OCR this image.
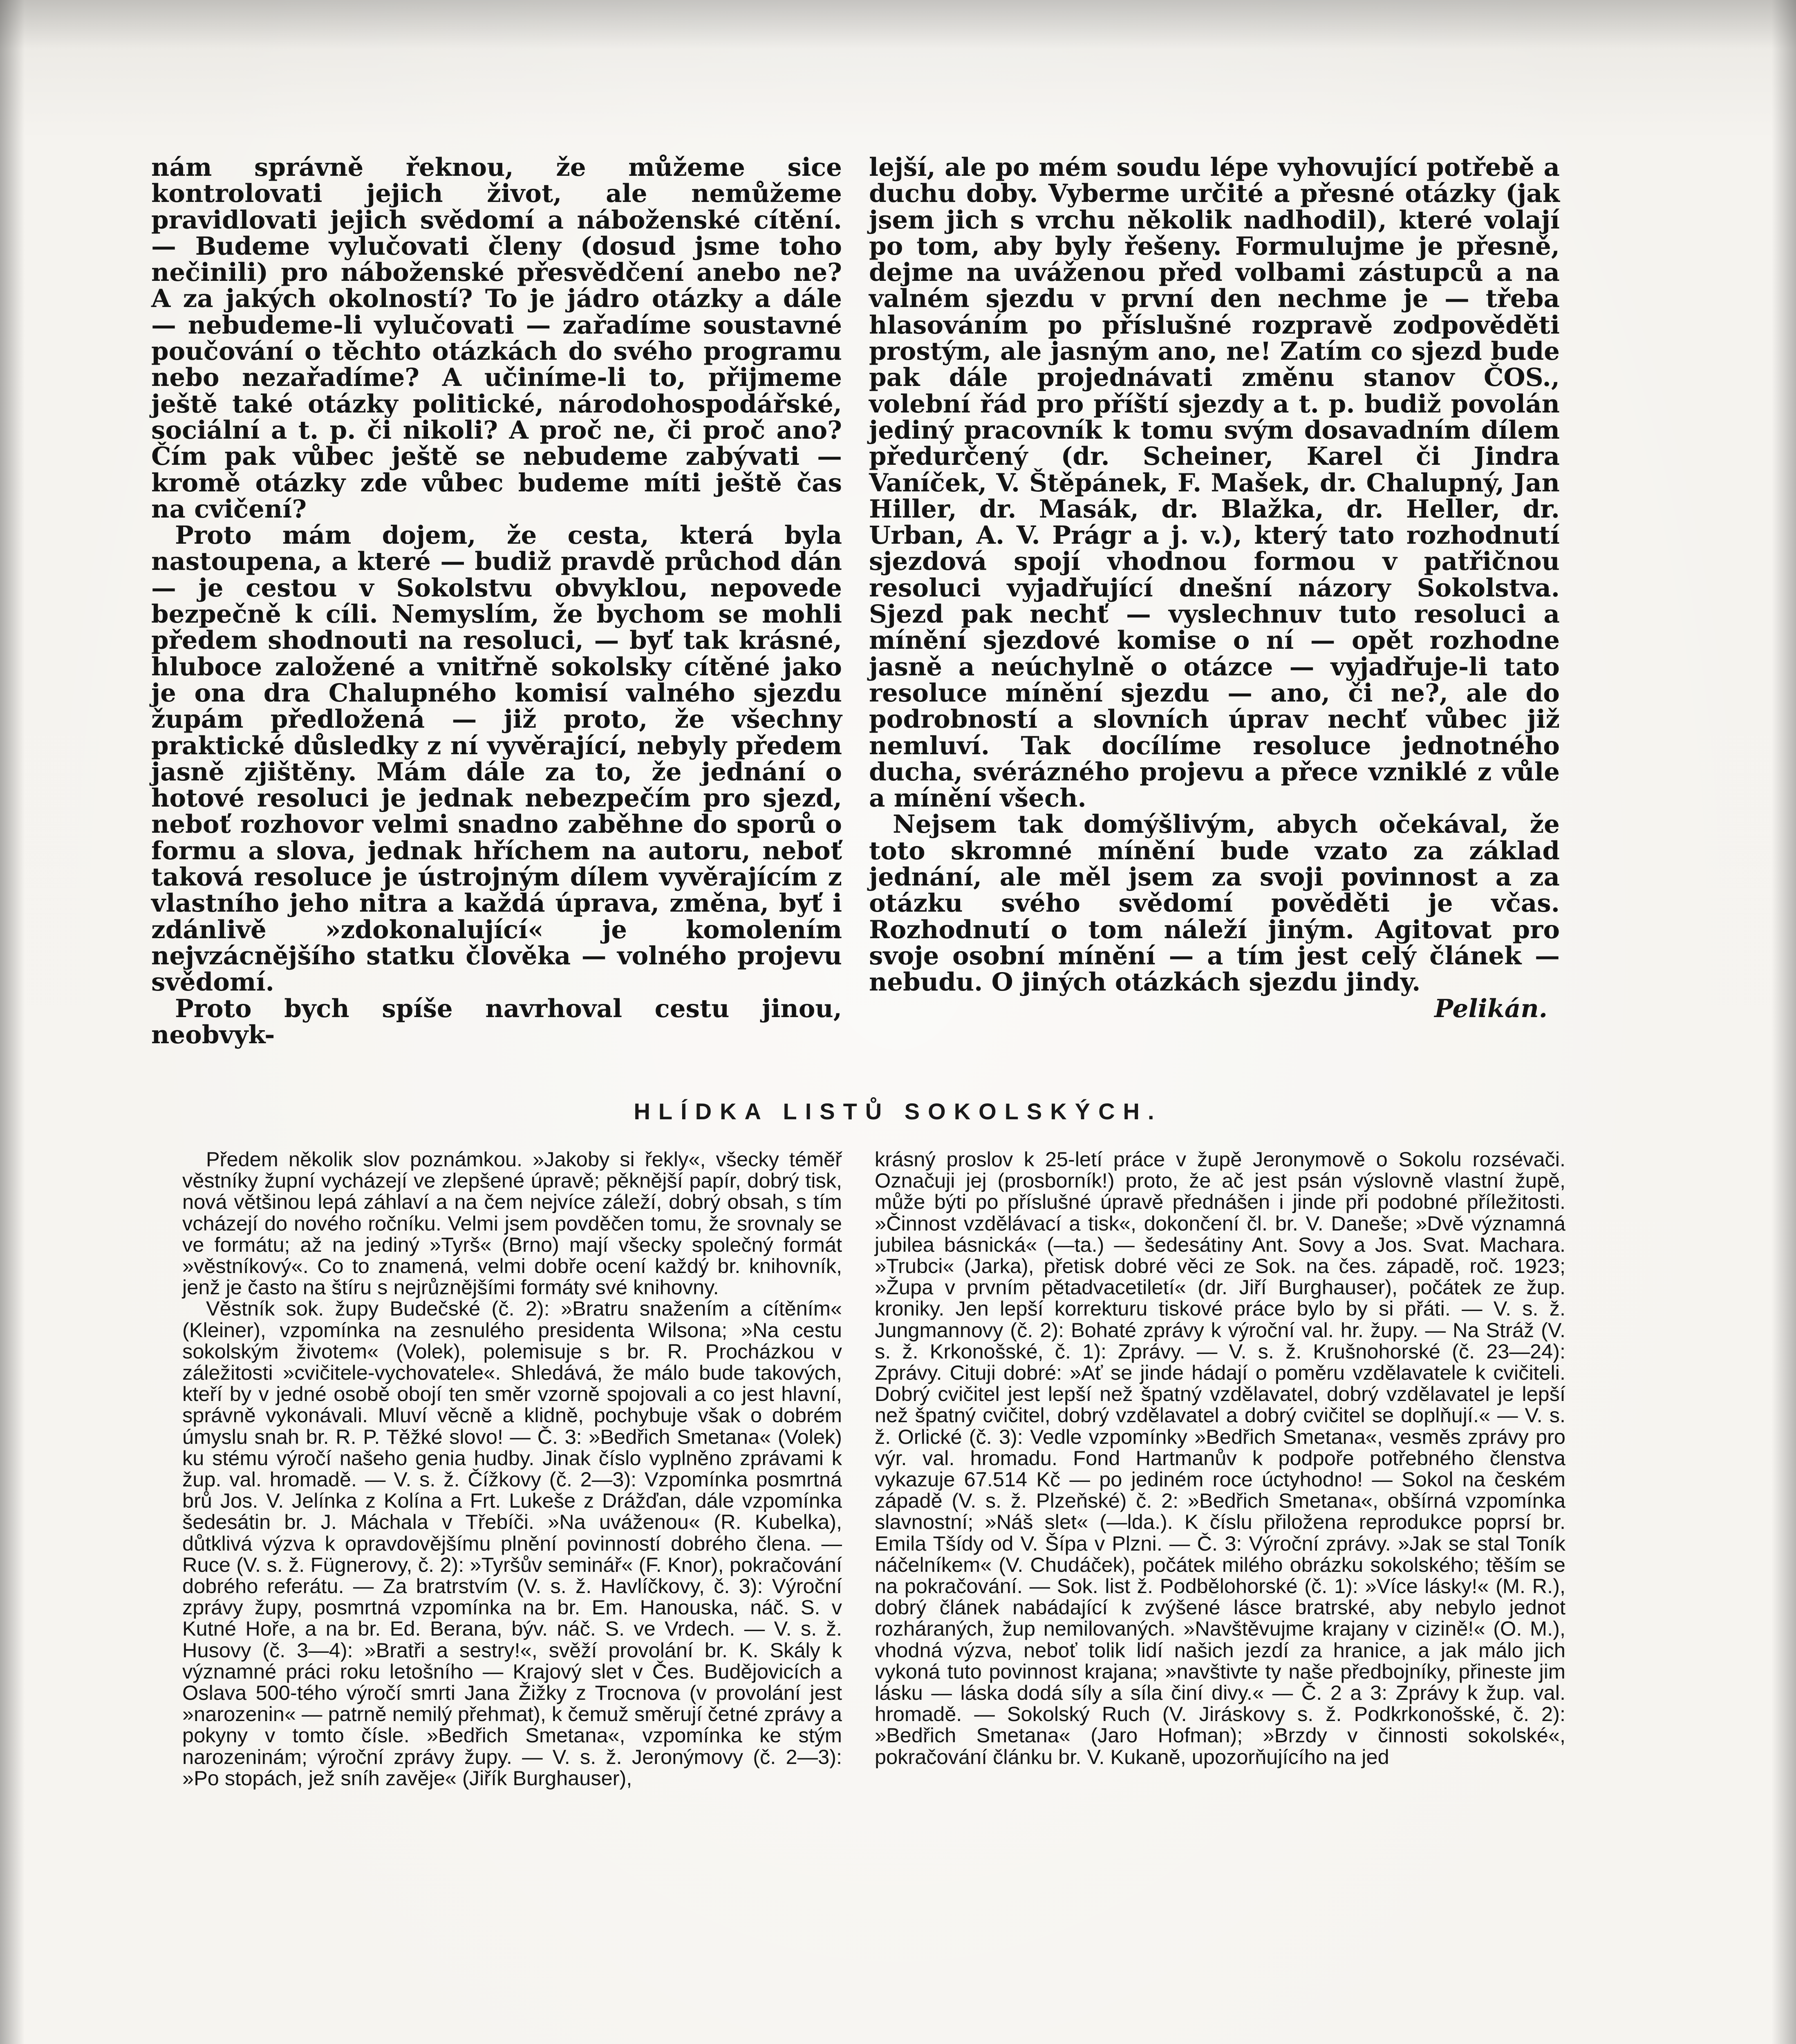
nám správně řeknou, že můžeme sice kontrolovati jejich život, ale nemůžeme pravidlovati jejich svědomí a náboženské cítění. — Budeme vylučovati členy (dosud jsme toho nečinili) pro náboženské přesvědčení anebo ne? A za jakých okolností? To je jádro otázky a dále — nebudeme-li vylučovati — zařadíme soustavné poučování o těchto otázkách do svého programu nebo nezařadíme? A učiníme-li to, přijmeme ještě také otázky politické, národohospodářské, sociální a t. p. či nikoli? A proč ne, či proč ano? Čím pak vůbec ještě se nebudeme zabývati — kromě otázky zde vůbec budeme míti ještě čas na cvičení?

Proto mám dojem, že cesta, která byla nastoupena, a které — budiž pravdě průchod dán — je cestou v Sokolstvu obvyklou, nepovede bezpečně k cíli. Nemyslím, že bychom se mohli předem shodnouti na resoluci, — byť tak krásné, hluboce založené a vnitřně sokolsky cítěné jako je ona dra Chalupného komisí valného sjezdu župám předložená — již proto, že všechny praktické důsledky z ní vyvěrající, nebyly předem jasně zjištěny. Mám dále za to, že jednání o hotové resoluci je jednak nebezpečím pro sjezd, neboť rozhovor velmi snadno zaběhne do sporů o formu a slova, jednak hříchem na autoru, neboť taková resoluce je ústrojným dílem vyvěrajícím z vlastního jeho nitra a každá úprava, změna, byť i zdánlivě »zdokonalující« je komolením nejvzácnějšího statku člověka — volného projevu svědomí.

Proto bych spíše navrhoval cestu jinou, neobvyk-

lejší, ale po mém soudu lépe vyhovující potřebě a duchu doby. Vyberme určité a přesné otázky (jak jsem jich s vrchu několik nadhodil), které volají po tom, aby byly řešeny. Formulujme je přesně, dejme na uváženou před volbami zástupců a na valném sjezdu v první den nechme je — třeba hlasováním po příslušné rozpravě zodpověděti prostým, ale jasným ano, ne! Zatím co sjezd bude pak dále projednávati změnu stanov ČOS., volební řád pro příští sjezdy a t. p. budiž povolán jediný pracovník k tomu svým dosavadním dílem předurčený (dr. Scheiner, Karel či Jindra Vaníček, V. Štěpánek, F. Mašek, dr. Chalupný, Jan Hiller, dr. Masák, dr. Blažka, dr. Heller, dr. Urban, A. V. Prágr a j. v.), který tato rozhodnutí sjezdová spojí vhodnou formou v patřičnou resoluci vyjadřující dnešní názory Sokolstva. Sjezd pak nechť — vyslechnuv tuto resoluci a mínění sjezdové komise o ní — opět rozhodne jasně a neúchylně o otázce — vyjadřuje-li tato resoluce mínění sjezdu — ano, či ne?, ale do podrobností a slovních úprav nechť vůbec již nemluví. Tak docílíme resoluce jednotného ducha, svérázného projevu a přece vzniklé z vůle a mínění všech.

Nejsem tak domýšlivým, abych očekával, že toto skromné mínění bude vzato za základ jednání, ale měl jsem za svoji povinnost a za otázku svého svědomí pověděti je včas. Rozhodnutí o tom náleží jiným. Agitovat pro svoje osobní mínění — a tím jest celý článek — nebudu. O jiných otázkách sjezdu jindy.

Pelikán.

HLÍDKA LISTŮ SOKOLSKÝCH.

Předem několik slov poznámkou. »Jakoby si řekly«, všecky téměř věstníky župní vycházejí ve zlepšené úpravě; pěknější papír, dobrý tisk, nová většinou lepá záhlaví a na čem nejvíce záleží, dobrý obsah, s tím vcházejí do nového ročníku. Velmi jsem povděčen tomu, že srovnaly se ve formátu; až na jediný »Tyrš« (Brno) mají všecky společný formát »věstníkový«. Co to znamená, velmi dobře ocení každý br. knihovník, jenž je často na štíru s nejrůznějšími formáty své knihovny.

Věstník sok. župy Budečské (č. 2): »Bratru snažením a cítěním« (Kleiner), vzpomínka na zesnulého presidenta Wilsona; »Na cestu sokolským životem« (Volek), polemisuje s br. R. Procházkou v záležitosti »cvičitele-vychovatele«. Shledává, že málo bude takových, kteří by v jedné osobě obojí ten směr vzorně spojovali a co jest hlavní, správně vykonávali. Mluví věcně a klidně, pochybuje však o dobrém úmyslu snah br. R. P. Těžké slovo! — Č. 3: »Bedřich Smetana« (Volek) ku stému výročí našeho genia hudby. Jinak číslo vyplněno zprávami k žup. val. hromadě. — V. s. ž. Čížkovy (č. 2—3): Vzpomínka posmrtná brů Jos. V. Jelínka z Kolína a Frt. Lukeše z Drážďan, dále vzpomínka šedesátin br. J. Máchala v Třebíči. »Na uváženou« (R. Kubelka), důtklivá výzva k opravdovějšímu plnění povinností dobrého člena. — Ruce (V. s. ž. Fügnerovy, č. 2): »Tyršův seminář« (F. Knor), pokračování dobrého referátu. — Za bratrstvím (V. s. ž. Havlíčkovy, č. 3): Výroční zprávy župy, posmrtná vzpomínka na br. Em. Hanouska, náč. S. v Kutné Hoře, a na br. Ed. Berana, býv. náč. S. ve Vrdech. — V. s. ž. Husovy (č. 3—4): »Bratři a sestry!«, svěží provolání br. K. Skály k významné práci roku letošního — Krajový slet v Čes. Budějovicích a Oslava 500-tého výročí smrti Jana Žižky z Trocnova (v provolání jest »narozenin« — patrně nemilý přehmat), k čemuž směrují četné zprávy a pokyny v tomto čísle. »Bedřich Smetana«, vzpomínka ke stým narozeninám; výroční zprávy župy. — V. s. ž. Jeronýmovy (č. 2—3): »Po stopách, jež sníh zavěje« (Jiřík Burghauser),

krásný proslov k 25-letí práce v župě Jeronymově o Sokolu rozsévači. Označuji jej (prosborník!) proto, že ač jest psán výslovně vlastní župě, může býti po příslušné úpravě přednášen i jinde při podobné příležitosti. »Činnost vzdělávací a tisk«, dokončení čl. br. V. Daneše; »Dvě významná jubilea básnická« (—ta.) — šedesátiny Ant. Sovy a Jos. Svat. Machara. »Trubci« (Jarka), přetisk dobré věci ze Sok. na čes. západě, roč. 1923; »Župa v prvním pětadvacetiletí« (dr. Jiří Burghauser), počátek ze žup. kroniky. Jen lepší korrekturu tiskové práce bylo by si přáti. — V. s. ž. Jungmannovy (č. 2): Bohaté zprávy k výroční val. hr. župy. — Na Stráž (V. s. ž. Krkonošské, č. 1): Zprávy. — V. s. ž. Krušnohorské (č. 23—24): Zprávy. Cituji dobré: »Ať se jinde hádají o poměru vzdělavatele k cvičiteli. Dobrý cvičitel jest lepší než špatný vzdělavatel, dobrý vzdělavatel je lepší než špatný cvičitel, dobrý vzdělavatel a dobrý cvičitel se doplňují.« — V. s. ž. Orlické (č. 3): Vedle vzpomínky »Bedřich Smetana«, vesměs zprávy pro výr. val. hromadu. Fond Hartmanův k podpoře potřebného členstva vykazuje 67.514 Kč — po jediném roce úctyhodno! — Sokol na českém západě (V. s. ž. Plzeňské) č. 2: »Bedřich Smetana«, obšírná vzpomínka slavnostní; »Náš slet« (—lda.). K číslu přiložena reprodukce poprsí br. Emila Tšídy od V. Šípa v Plzni. — Č. 3: Výroční zprávy. »Jak se stal Toník náčelníkem« (V. Chudáček), počátek milého obrázku sokolského; těším se na pokračování. — Sok. list ž. Podbělohorské (č. 1): »Více lásky!« (M. R.), dobrý článek nabádající k zvýšené lásce bratrské, aby nebylo jednot rozháraných, žup nemilovaných. »Navštěvujme krajany v cizině!« (O. M.), vhodná výzva, neboť tolik lidí našich jezdí za hranice, a jak málo jich vykoná tuto povinnost krajana; »navštivte ty naše předbojníky, přineste jim lásku — láska dodá síly a síla činí divy.« — Č. 2 a 3: Zprávy k žup. val. hromadě. — Sokolský Ruch (V. Jiráskovy s. ž. Podkrkonošské, č. 2): »Bedřich Smetana« (Jaro Hofman); »Brzdy v činnosti sokolské«, pokračování článku br. V. Kukaně, upozorňujícího na jed
